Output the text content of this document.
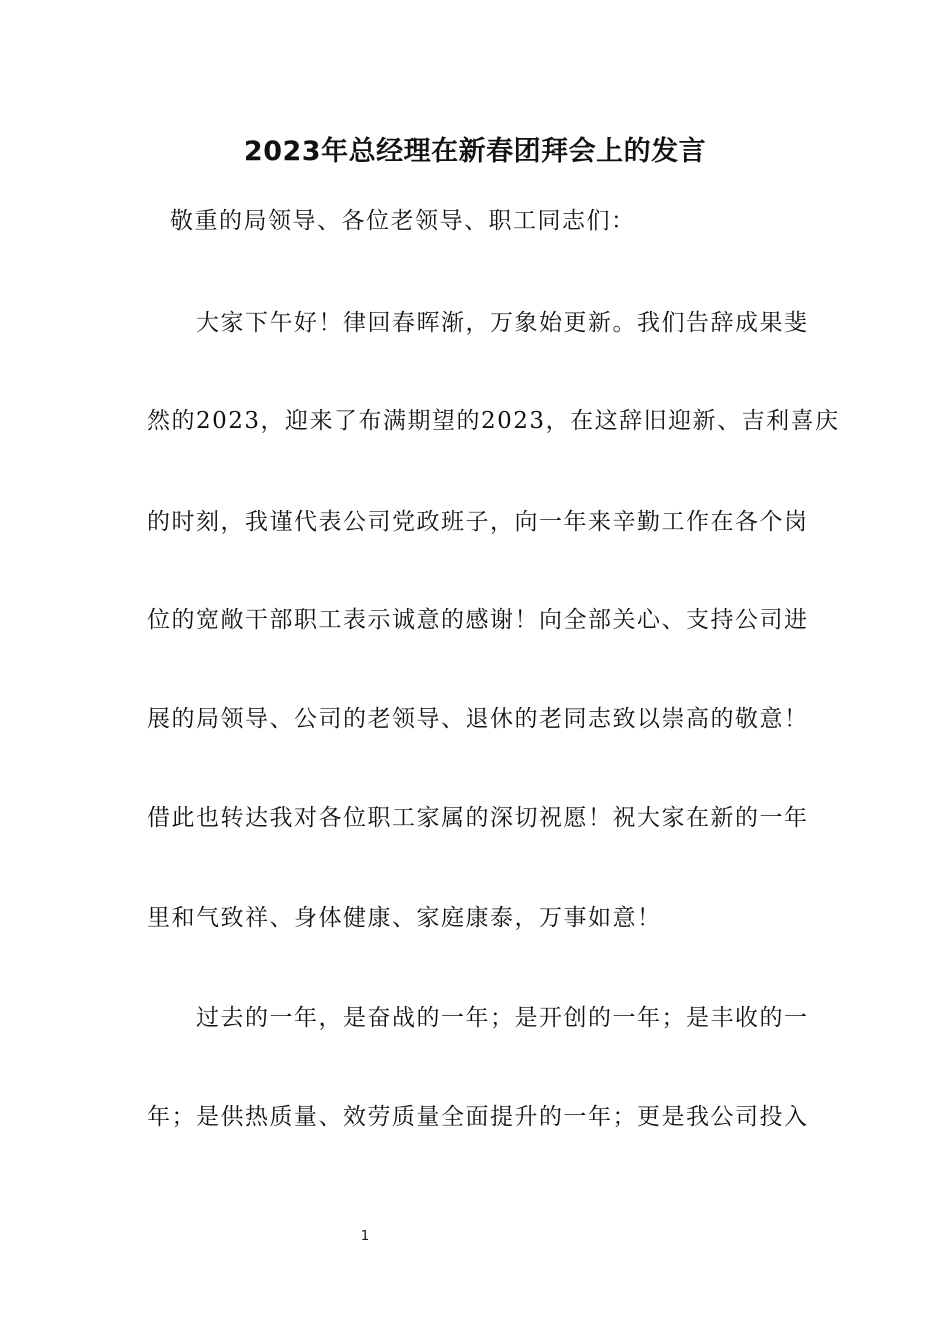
2023年总经理在新春团拜会上的发言
敬重的局领导、各位老领导、职工同志们：
大家下午好！律回春晖渐，万象始更新。我们告辞成果斐
然的2023，迎来了布满期望的2023，在这辞旧迎新、吉利喜庆
的时刻，我谨代表公司党政班子，向一年来辛勤工作在各个岗
位的宽敞干部职工表示诚意的感谢！向全部关心、支持公司进
展的局领导、公司的老领导、退休的老同志致以崇高的敬意！
借此也转达我对各位职工家属的深切祝愿！祝大家在新的一年
里和气致祥、身体健康、家庭康泰，万事如意！
过去的一年，是奋战的一年；是开创的一年；是丰收的一
年；是供热质量、效劳质量全面提升的一年；更是我公司投入
1
